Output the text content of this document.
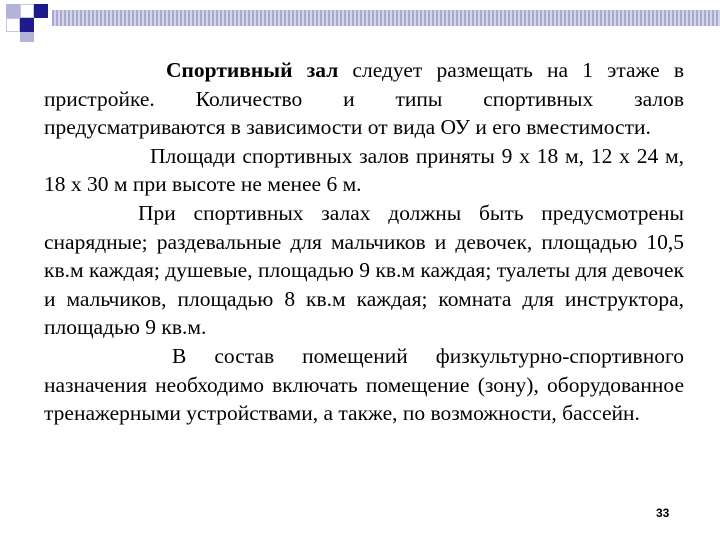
Спортивный зал следует размещать на 1 этаже в пристройке. Количество и типы спортивных залов предусматриваются в зависимости от вида ОУ и его вместимости.

Площади спортивных залов приняты 9 х 18 м, 12 х 24 м, 18 х 30 м при высоте не менее 6 м.

При спортивных залах должны быть предусмотрены снарядные; раздевальные для мальчиков и девочек, площадью 10,5 кв.м каждая; душевые, площадью 9 кв.м каждая; туалеты для девочек и мальчиков, площадью 8 кв.м каждая; комната для инструктора, площадью 9 кв.м.

В состав помещений физкультурно-спортивного назначения необходимо включать помещение (зону), оборудованное тренажерными устройствами, а также, по возможности, бассейн.

33
